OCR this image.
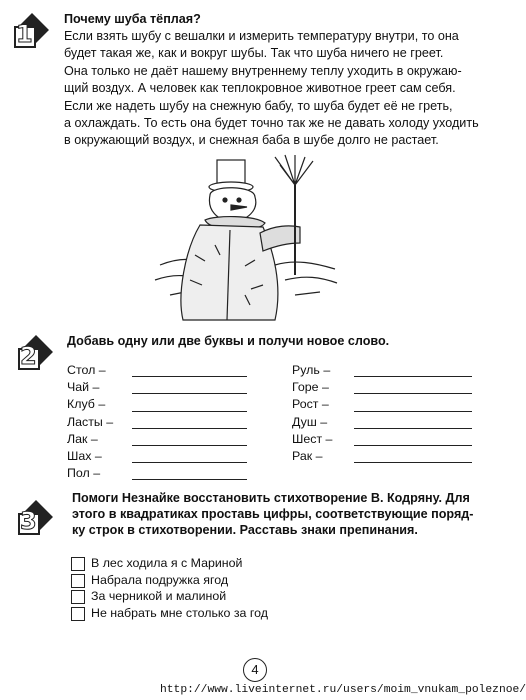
1
Почему шуба тёплая?

Если взять шубу с вешалки и измерить температуру внутри, то она

будет такая же, как и вокруг шубы. Так что шуба ничего не греет.

Она только не даёт нашему внутреннему теплу уходить в окружаю-

щий воздух. А человек как теплокровное животное греет сам себя.

Если же надеть шубу на снежную бабу, то шуба будет её не греть,

а охлаждать. То есть она будет точно так же не давать холоду уходить

в окружающий воздух, и снежная баба в шубе долго не растает.

2
Добавь одну или две буквы и получи новое слово.
Стол –
Чай –
Клуб –
Ласты –
Лак –
Шах –
Пол –
Руль –
Горе –
Рост –
Душ –
Шест –
Рак –
3
Помоги Незнайке восстановить стихотворение В. Кодряну. Для
этого в квадратиках проставь цифры, соответствующие поряд-
ку строк в стихотворении. Расставь знаки препинания.
В лес ходила я с Мариной
Набрала подружка ягод
За черникой и малиной
Не набрать мне столько за год
4
http://www.liveinternet.ru/users/moim_vnukam_poleznoe/
